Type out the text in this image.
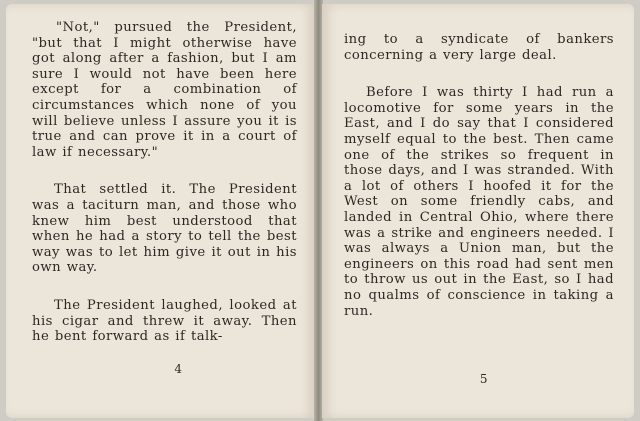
"Not," pursued the President, "but that I might otherwise have got along after a fashion, but I am sure I would not have been here except for a combination of circumstances which none of you will believe unless I assure you it is true and can prove it in a court of law if necessary."

That settled it. The President was a taciturn man, and those who knew him best understood that when he had a story to tell the best way was to let him give it out in his own way.

The President laughed, looked at his cigar and threw it away. Then he bent forward as if talk-

4

ing to a syndicate of bankers concerning a very large deal.

Before I was thirty I had run a locomotive for some years in the East, and I do say that I considered myself equal to the best. Then came one of the strikes so frequent in those days, and I was stranded. With a lot of others I hoofed it for the West on some friendly cabs, and landed in Central Ohio, where there was a strike and engineers needed. I was always a Union man, but the engineers on this road had sent men to throw us out in the East, so I had no qualms of conscience in taking a run.

5
